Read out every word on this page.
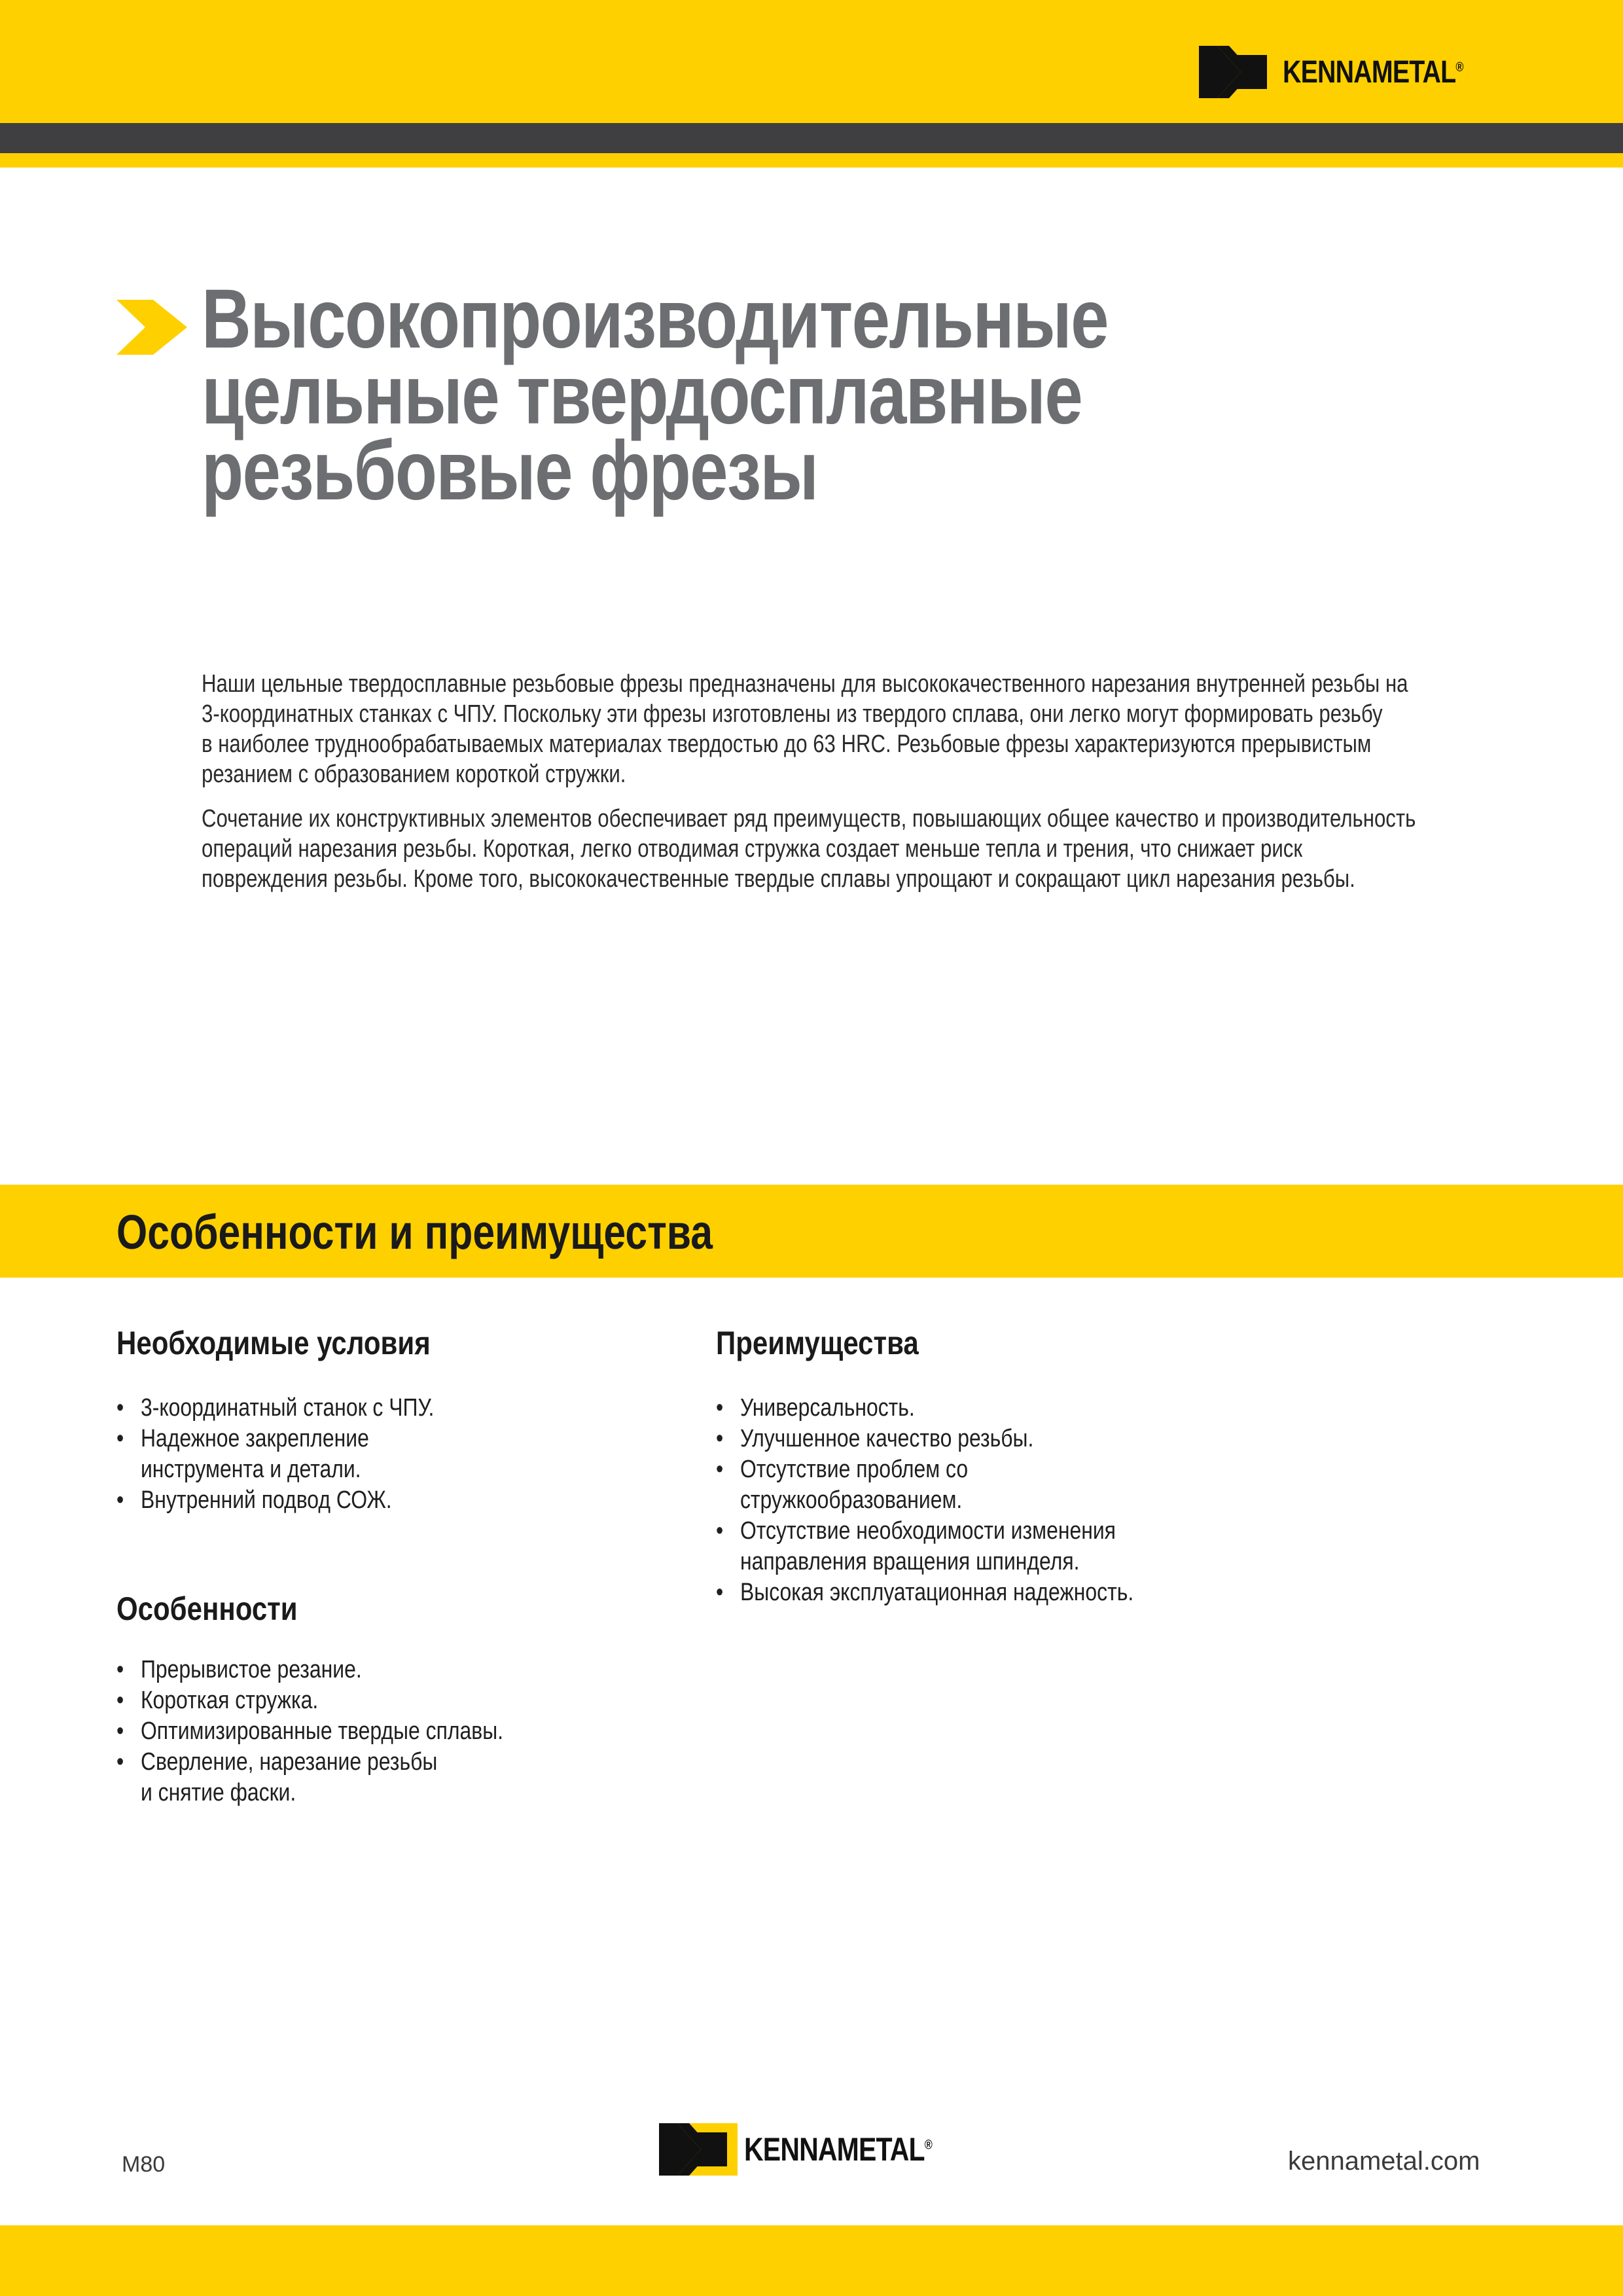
KENNAMETAL®
Высокопроизводительные
цельные твердосплавные
резьбовые фрезы

Наши цельные твердосплавные резьбовые фрезы предназначены для высококачественного нарезания внутренней резьбы на
3-координатных станках с ЧПУ. Поскольку эти фрезы изготовлены из твердого сплава, они легко могут формировать резьбу
в наиболее труднообрабатываемых материалах твердостью до 63 HRC. Резьбовые фрезы характеризуются прерывистым
резанием с образованием короткой стружки.

Сочетание их конструктивных элементов обеспечивает ряд преимуществ, повышающих общее качество и производительность
операций нарезания резьбы. Короткая, легко отводимая стружка создает меньше тепла и трения, что снижает риск
повреждения резьбы. Кроме того, высококачественные твердые сплавы упрощают и сокращают цикл нарезания резьбы.

Особенности и преимущества
Необходимые условия
• 3-координатный станок с ЧПУ.
• Надежное закрепление
инструмента и детали.
• Внутренний подвод СОЖ.
Особенности
• Прерывистое резание.
• Короткая стружка.
• Оптимизированные твердые сплавы.
• Сверление, нарезание резьбы
и снятие фаски.
Преимущества
• Универсальность.
• Улучшенное качество резьбы.
• Отсутствие проблем со
стружкообразованием.
• Отсутствие необходимости изменения
направления вращения шпинделя.
• Высокая эксплуатационная надежность.
M80	KENNAMETAL®
kennametal.com
